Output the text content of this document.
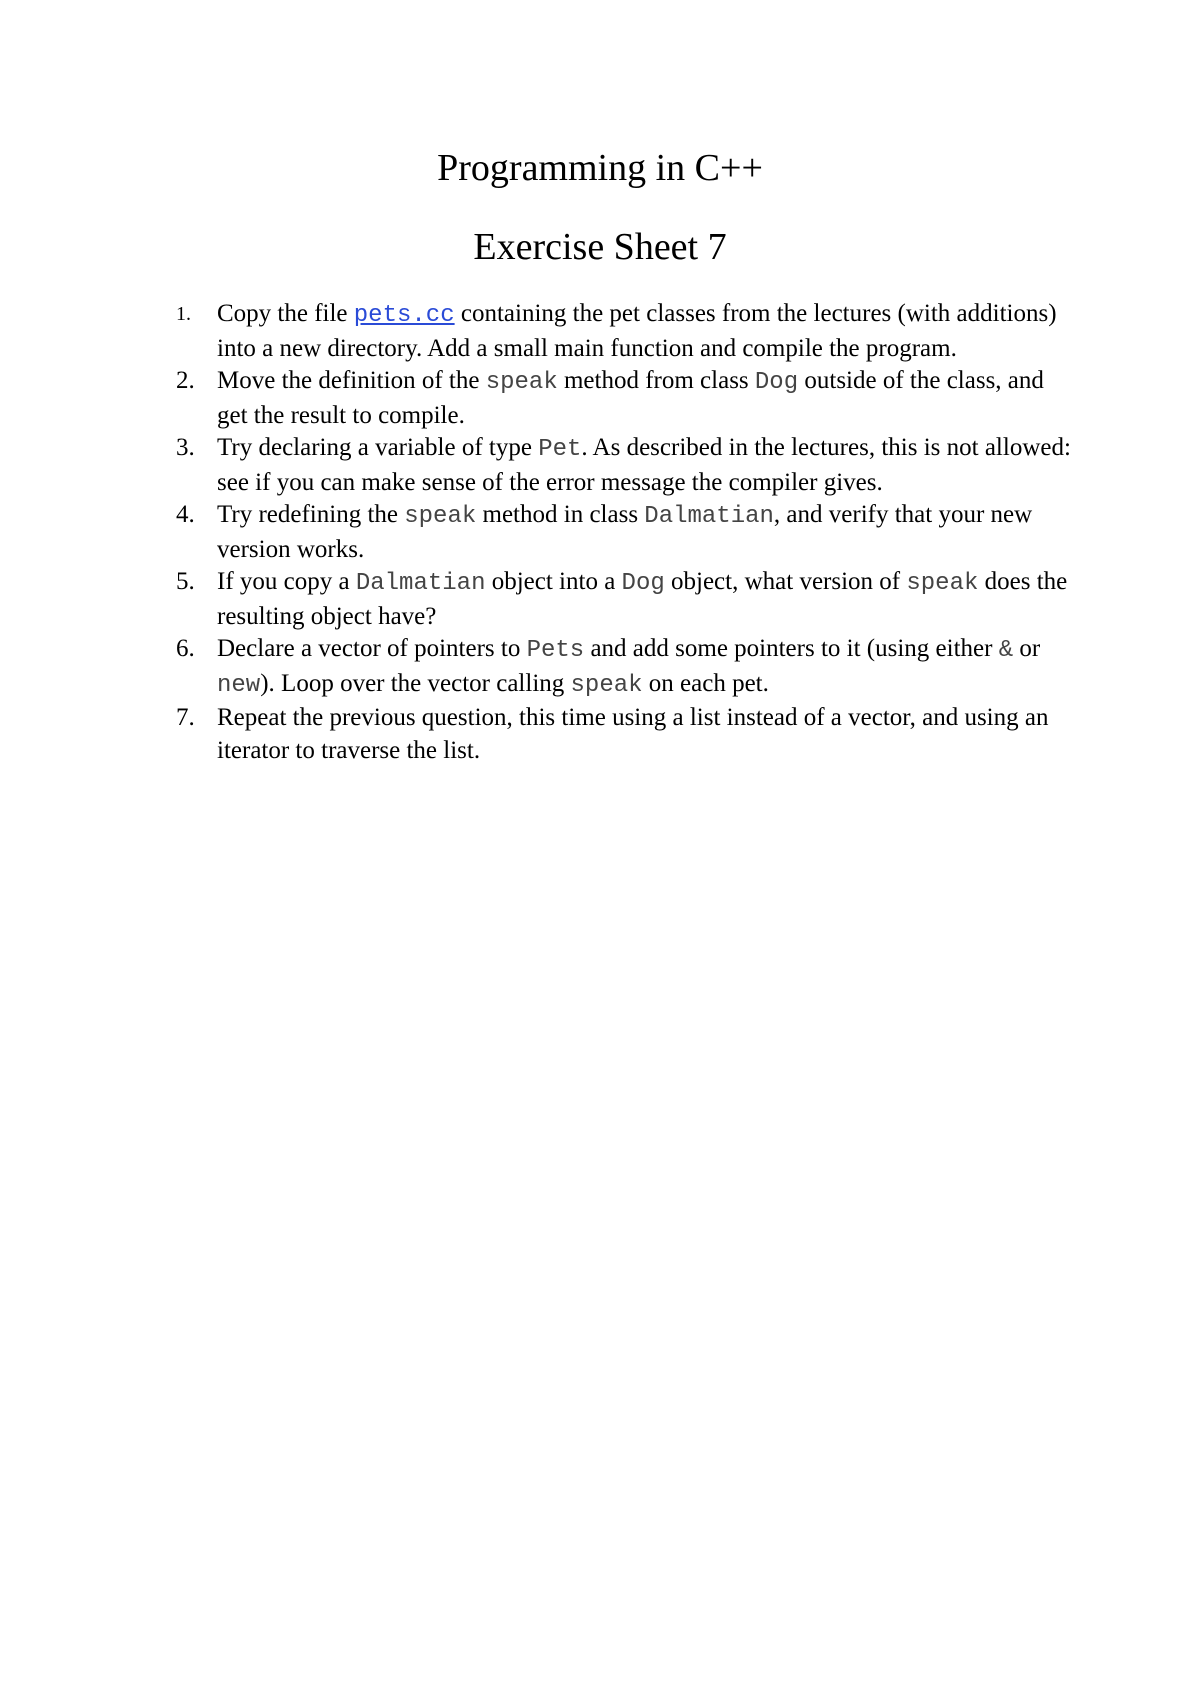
Programming in C++
Exercise Sheet 7
1.	Copy the file pets.cc containing the pet classes from the lectures (with additions) into a new directory. Add a small main function and compile the program.
2. Move the definition of the speak method from class Dog outside of the class, and get the result to compile.
3. Try declaring a variable of type Pet. As described in the lectures, this is not allowed: see if you can make sense of the error message the compiler gives.
4. Try redefining the speak method in class Dalmatian, and verify that your new version works.
5. If you copy a Dalmatian object into a Dog object, what version of speak does the resulting object have?
6. Declare a vector of pointers to Pets and add some pointers to it (using either & or new). Loop over the vector calling speak on each pet.
7. Repeat the previous question, this time using a list instead of a vector, and using an iterator to traverse the list.
